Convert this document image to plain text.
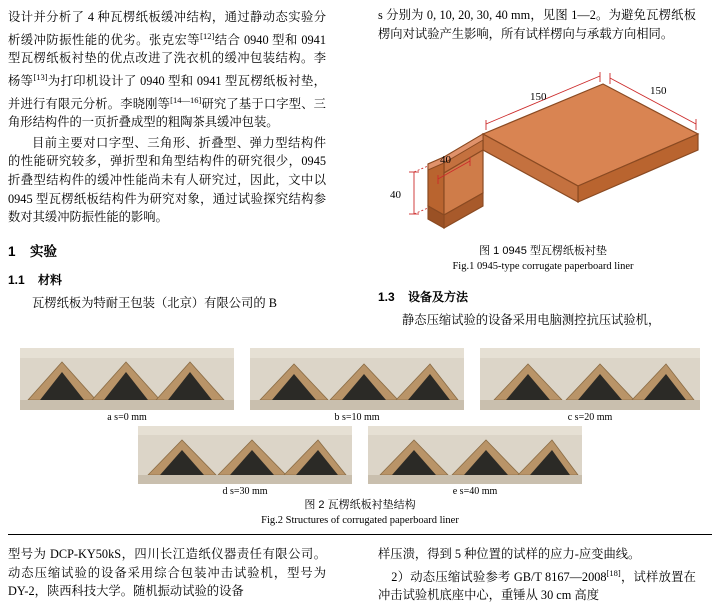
设计并分析了 4 种瓦楞纸板缓冲结构，通过静动态实验分析缓冲防振性能的优劣。张克宏等[12]结合 0940 型和 0941 型瓦楞纸板衬垫的优点改进了洗衣机的缓冲包装结构。李杨等[13]为打印机设计了 0940 型和 0941 型瓦楞纸板衬垫，并进行有限元分析。李晓刚等[14—16]研究了基于口字型、三角形结构件的一页折叠成型的粗陶茶具缓冲包装。

目前主要对口字型、三角形、折叠型、弹力型结构件的性能研究较多，弹折型和角型结构件的研究很少，0945 折叠型结构件的缓冲性能尚未有人研究过，因此，文中以 0945 型瓦楞纸板结构件为研究对象，通过试验探究结构参数对其缓冲防振性能的影响。

1 实验
1.1 材料

瓦楞纸板为特耐王包装（北京）有限公司的 B

s 分别为 0, 10, 20, 30, 40 mm，见图 1—2。为避免瓦楞纸板楞向对试验产生影响，所有试样楞向与承载方向相同。

150	150
40
40
图 1 0945 型瓦楞纸板衬垫
Fig.1 0945-type corrugate paperboard liner
1.3 设备及方法

静态压缩试验的设备采用电脑测控抗压试验机，

a s=0 mm	b s=10 mm	c s=20 mm
d s=30 mm	e s=40 mm
图 2 瓦楞纸板衬垫结构
Fig.2 Structures of corrugated paperboard liner

型号为 DCP-KY50kS，四川长江造纸仪器责任有限公司。动态压缩试验的设备采用综合包装冲击试验机，型号为 DY-2，陕西科技大学。随机振动试验的设备

样压溃，得到 5 种位置的试样的应力-应变曲线。
2）动态压缩试验参考 GB/T 8167—2008[18]，试样放置在冲击试验机底座中心，重锤从 30 cm 高度
